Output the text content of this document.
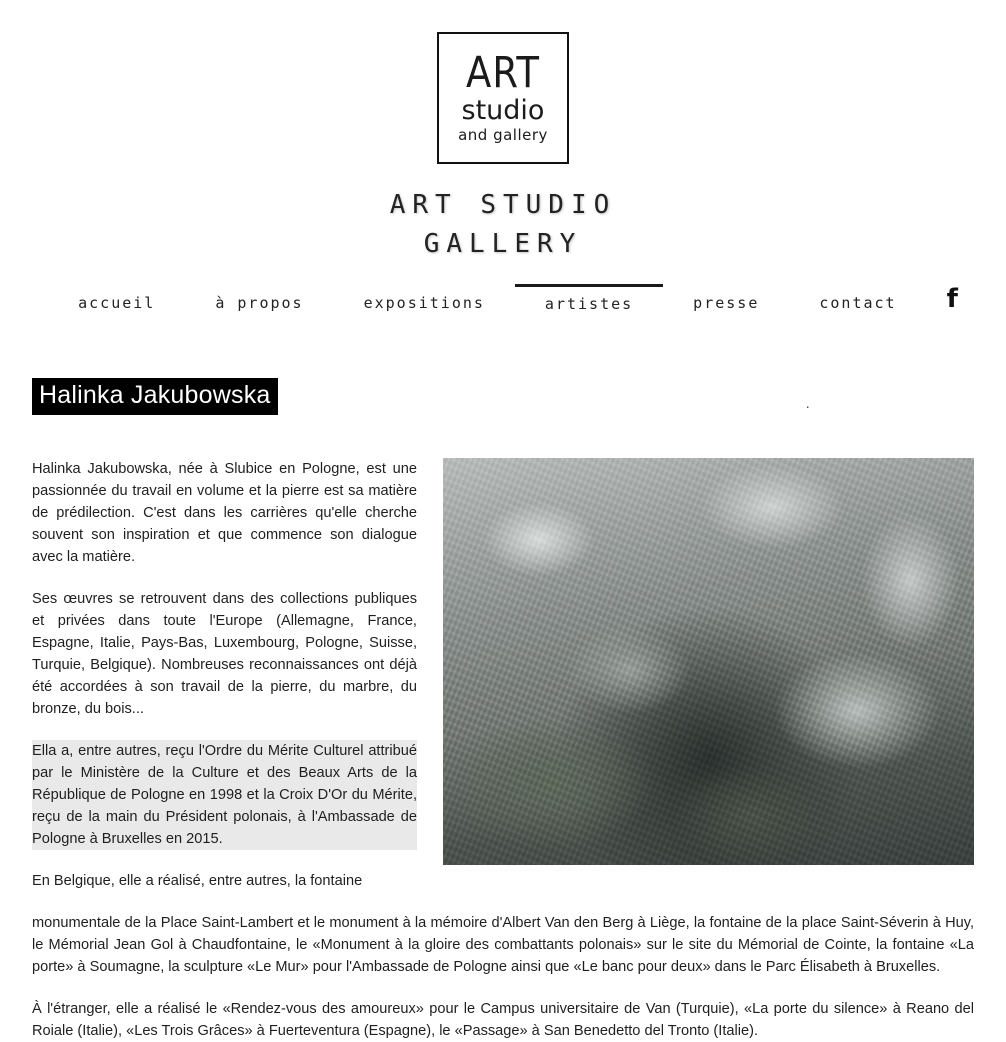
ART
studio
and gallery
ART STUDIO
GALLERY
accueil	à propos	expositions	artistes	presse	contact	f
Halinka Jakubowska	·

Halinka Jakubowska, née à Slubice en Pologne, est une passionnée du travail en volume et la pierre est sa matière de prédilection. C'est dans les carrières qu'elle cherche souvent son inspiration et que commence son dialogue avec la matière.

Ses œuvres se retrouvent dans des collections publiques et privées dans toute l'Europe (Allemagne, France, Espagne, Italie, Pays-Bas, Luxembourg, Pologne, Suisse, Turquie, Belgique). Nombreuses reconnaissances ont déjà été accordées à son travail de la pierre, du marbre, du bronze, du bois...

Ella a, entre autres, reçu l'Ordre du Mérite Culturel attribué par le Ministère de la Culture et des Beaux Arts de la République de Pologne en 1998 et la Croix D'Or du Mérite, reçu de la main du Président polonais, à l'Ambassade de Pologne à Bruxelles en 2015.

En Belgique, elle a réalisé, entre autres, la fontaine

monumentale de la Place Saint-Lambert et le monument à la mémoire d'Albert Van den Berg à Liège, la fontaine de la place Saint-Séverin à Huy, le Mémorial Jean Gol à Chaudfontaine, le «Monument à la gloire des combattants polonais» sur le site du Mémorial de Cointe, la fontaine «La porte» à Soumagne, la sculpture «Le Mur» pour l'Ambassade de Pologne ainsi que «Le banc pour deux» dans le Parc Élisabeth à Bruxelles.

À l'étranger, elle a réalisé le «Rendez-vous des amoureux» pour le Campus universitaire de Van (Turquie), «La porte du silence» à Reano del Roiale (Italie), «Les Trois Grâces» à Fuerteventura (Espagne), le «Passage» à San Benedetto del Tronto (Italie).
